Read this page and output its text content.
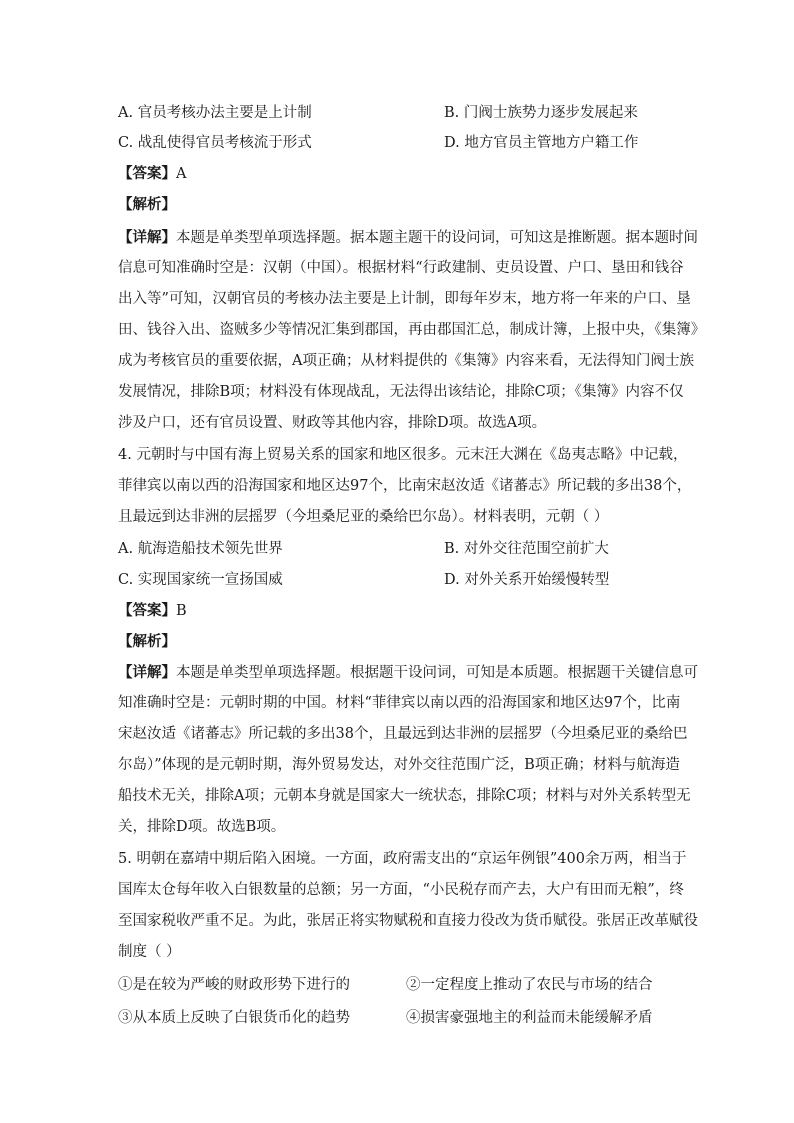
A. 官员考核办法主要是上计制	B. 门阀士族势力逐步发展起来
C. 战乱使得官员考核流于形式	D. 地方官员主管地方户籍工作
【答案】A
【解析】
【详解】本题是单类型单项选择题。据本题主题干的设问词，可知这是推断题。据本题时间
信息可知准确时空是：汉朝（中国）。根据材料“行政建制、吏员设置、户口、垦田和钱谷
出入等”可知，汉朝官员的考核办法主要是上计制，即每年岁末，地方将一年来的户口、垦
田、钱谷入出、盗贼多少等情况汇集到郡国，再由郡国汇总，制成计簿，上报中央，《集簿》
成为考核官员的重要依据，A项正确；从材料提供的《集簿》内容来看，无法得知门阀士族
发展情况，排除B项；材料没有体现战乱，无法得出该结论，排除C项；《集簿》内容不仅
涉及户口，还有官员设置、财政等其他内容，排除D项。故选A项。
4. 元朝时与中国有海上贸易关系的国家和地区很多。元末汪大渊在《岛夷志略》中记载，
菲律宾以南以西的沿海国家和地区达97个，比南宋赵汝适《诸蕃志》所记载的多出38个，
且最远到达非洲的层摇罗（今坦桑尼亚的桑给巴尔岛）。材料表明，元朝（ ）
A. 航海造船技术领先世界	B. 对外交往范围空前扩大
C. 实现国家统一宣扬国威	D. 对外关系开始缓慢转型
【答案】B
【解析】
【详解】本题是单类型单项选择题。根据题干设问词，可知是本质题。根据题干关键信息可
知准确时空是：元朝时期的中国。材料“菲律宾以南以西的沿海国家和地区达97个，比南
宋赵汝适《诸蕃志》所记载的多出38个，且最远到达非洲的层摇罗（今坦桑尼亚的桑给巴
尔岛）”体现的是元朝时期，海外贸易发达，对外交往范围广泛，B项正确；材料与航海造
船技术无关，排除A项；元朝本身就是国家大一统状态，排除C项；材料与对外关系转型无
关，排除D项。故选B项。
5. 明朝在嘉靖中期后陷入困境。一方面，政府需支出的“京运年例银”400余万两，相当于
国库太仓每年收入白银数量的总额；另一方面，“小民税存而产去，大户有田而无粮”，终
至国家税收严重不足。为此，张居正将实物赋税和直接力役改为货币赋役。张居正改革赋役
制度（ ）
①是在较为严峻的财政形势下进行的	②一定程度上推动了农民与市场的结合
③从本质上反映了白银货币化的趋势	④损害豪强地主的利益而未能缓解矛盾
